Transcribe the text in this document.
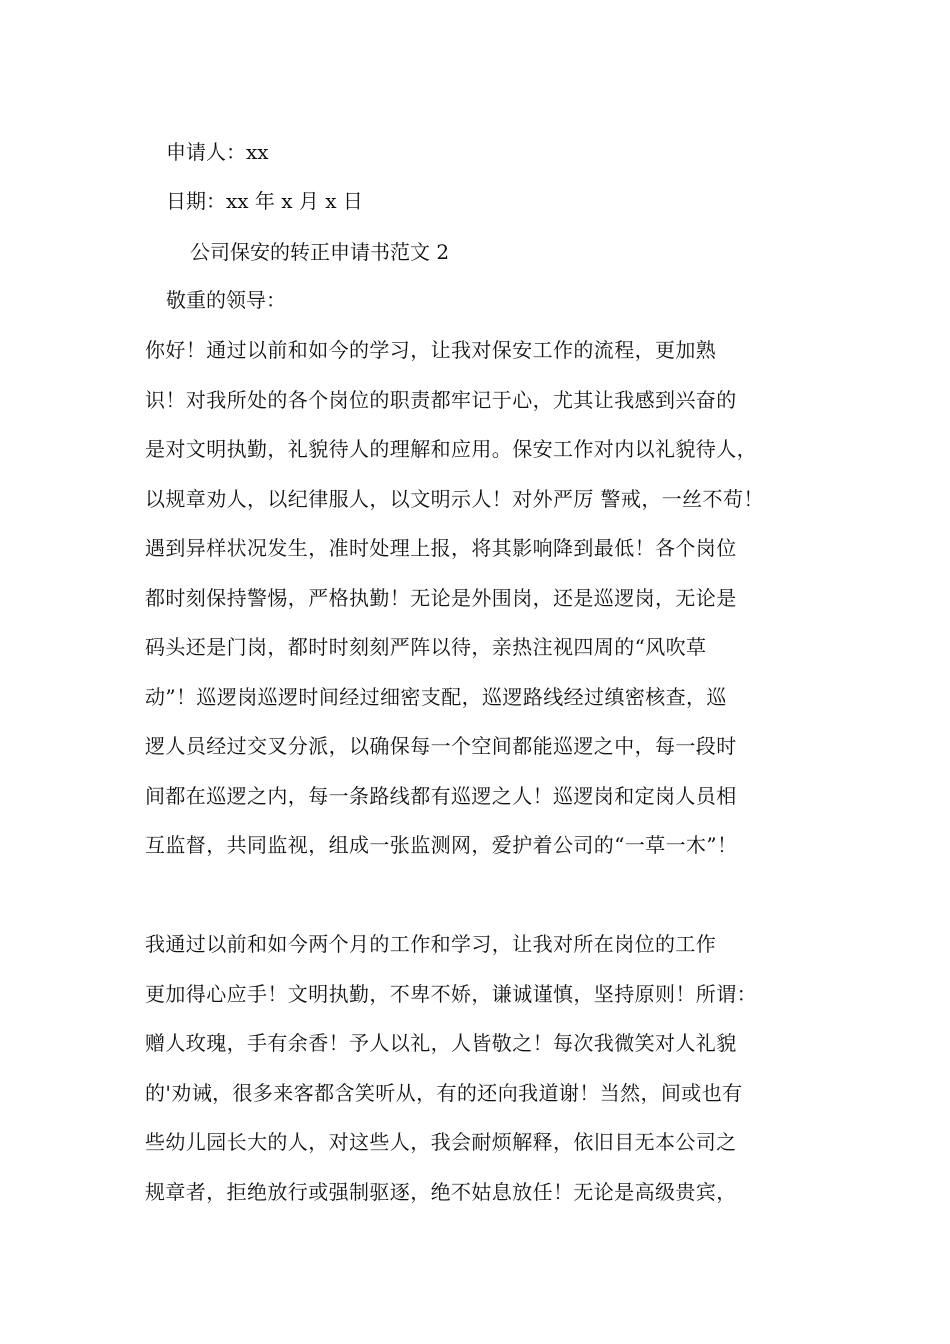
申请人：xx
日期：xx 年 x 月 x 日
公司保安的转正申请书范文 2
敬重的领导：
你好！通过以前和如今的学习，让我对保安工作的流程，更加熟
识！对我所处的各个岗位的职责都牢记于心，尤其让我感到兴奋的
是对文明执勤，礼貌待人的理解和应用。保安工作对内以礼貌待人，
以规章劝人，以纪律服人，以文明示人！对外严厉 警戒，一丝不苟！
遇到异样状况发生，准时处理上报，将其影响降到最低！各个岗位
都时刻保持警惕，严格执勤！无论是外围岗，还是巡逻岗，无论是
码头还是门岗，都时时刻刻严阵以待，亲热注视四周的“风吹草
动”！巡逻岗巡逻时间经过细密支配，巡逻路线经过缜密核查，巡
逻人员经过交叉分派，以确保每一个空间都能巡逻之中，每一段时
间都在巡逻之内，每一条路线都有巡逻之人！巡逻岗和定岗人员相
互监督，共同监视，组成一张监测网，爱护着公司的“一草一木”！
我通过以前和如今两个月的工作和学习，让我对所在岗位的工作
更加得心应手！文明执勤，不卑不娇，谦诚谨慎，坚持原则！所谓：
赠人玫瑰，手有余香！予人以礼，人皆敬之！每次我微笑对人礼貌
的'劝诫，很多来客都含笑听从，有的还向我道谢！当然，间或也有
些幼儿园长大的人，对这些人，我会耐烦解释，依旧目无本公司之
规章者，拒绝放行或强制驱逐，绝不姑息放任！无论是高级贵宾，
